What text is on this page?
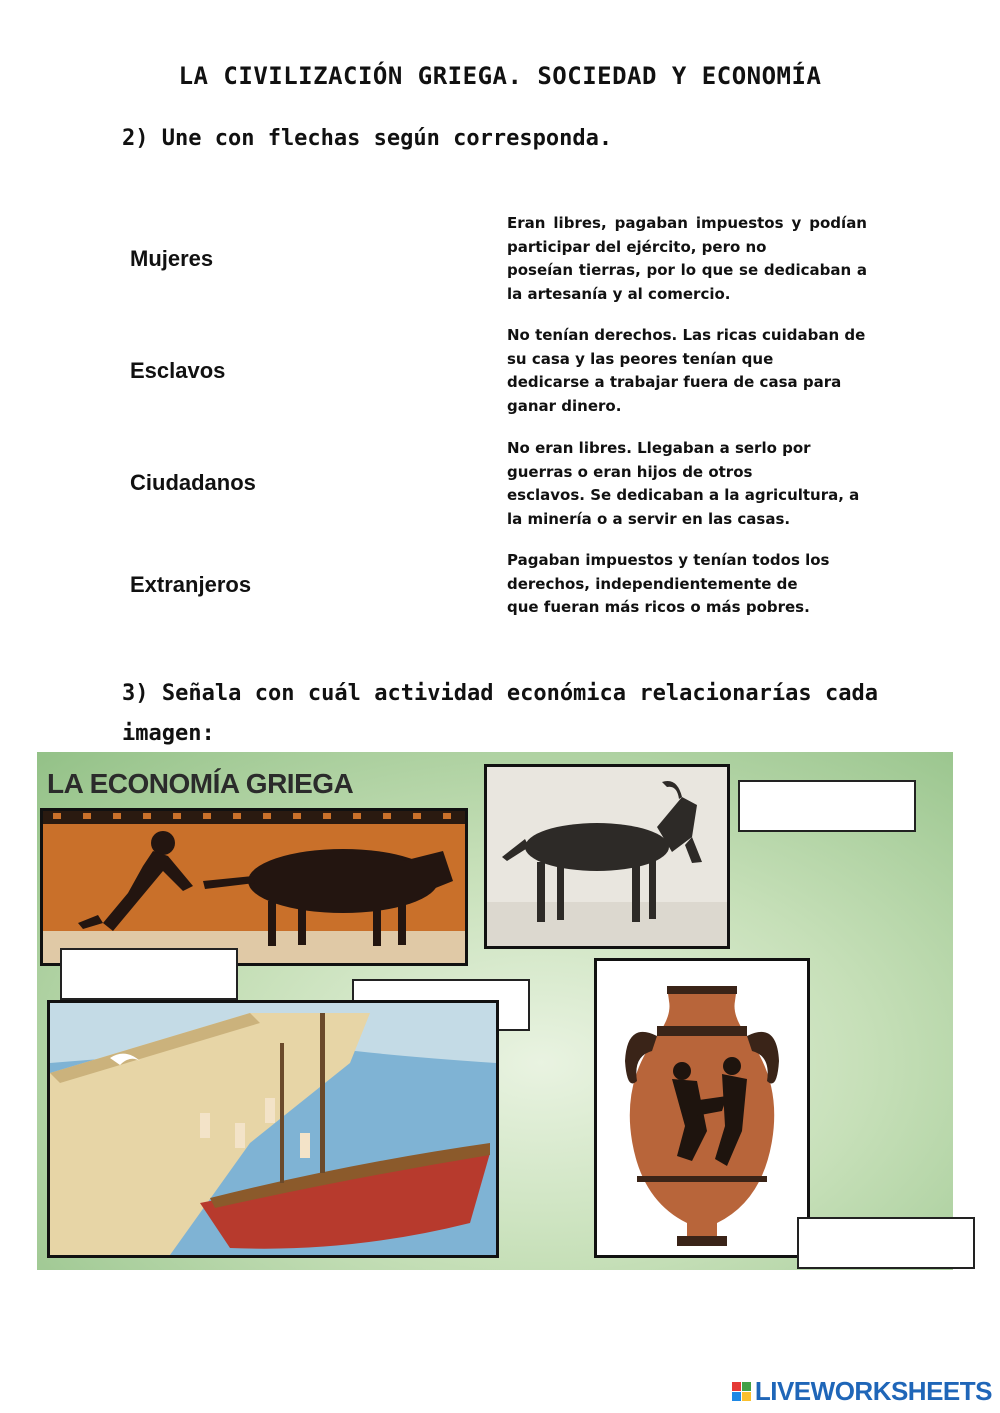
LA CIVILIZACIÓN GRIEGA. SOCIEDAD Y ECONOMÍA
2) Une con flechas según corresponda.
Mujeres
Esclavos
Ciudadanos
Extranjeros
Eran libres, pagaban impuestos y podían
participar del ejército, pero no
poseían tierras, por lo que se dedicaban a
la artesanía y al comercio.
No tenían derechos. Las ricas cuidaban de
su casa y las peores tenían que
dedicarse a trabajar fuera de casa para
ganar dinero.
No eran libres. Llegaban a serlo por
guerras o eran hijos de otros
esclavos. Se dedicaban a la agricultura, a
la minería o a servir en las casas.
Pagaban impuestos y tenían todos los
derechos, independientemente de
que fueran más ricos o más pobres.
3) Señala con cuál actividad económica relacionarías cada
imagen:
LA ECONOMÍA GRIEGA
LIVEWORKSHEETS
